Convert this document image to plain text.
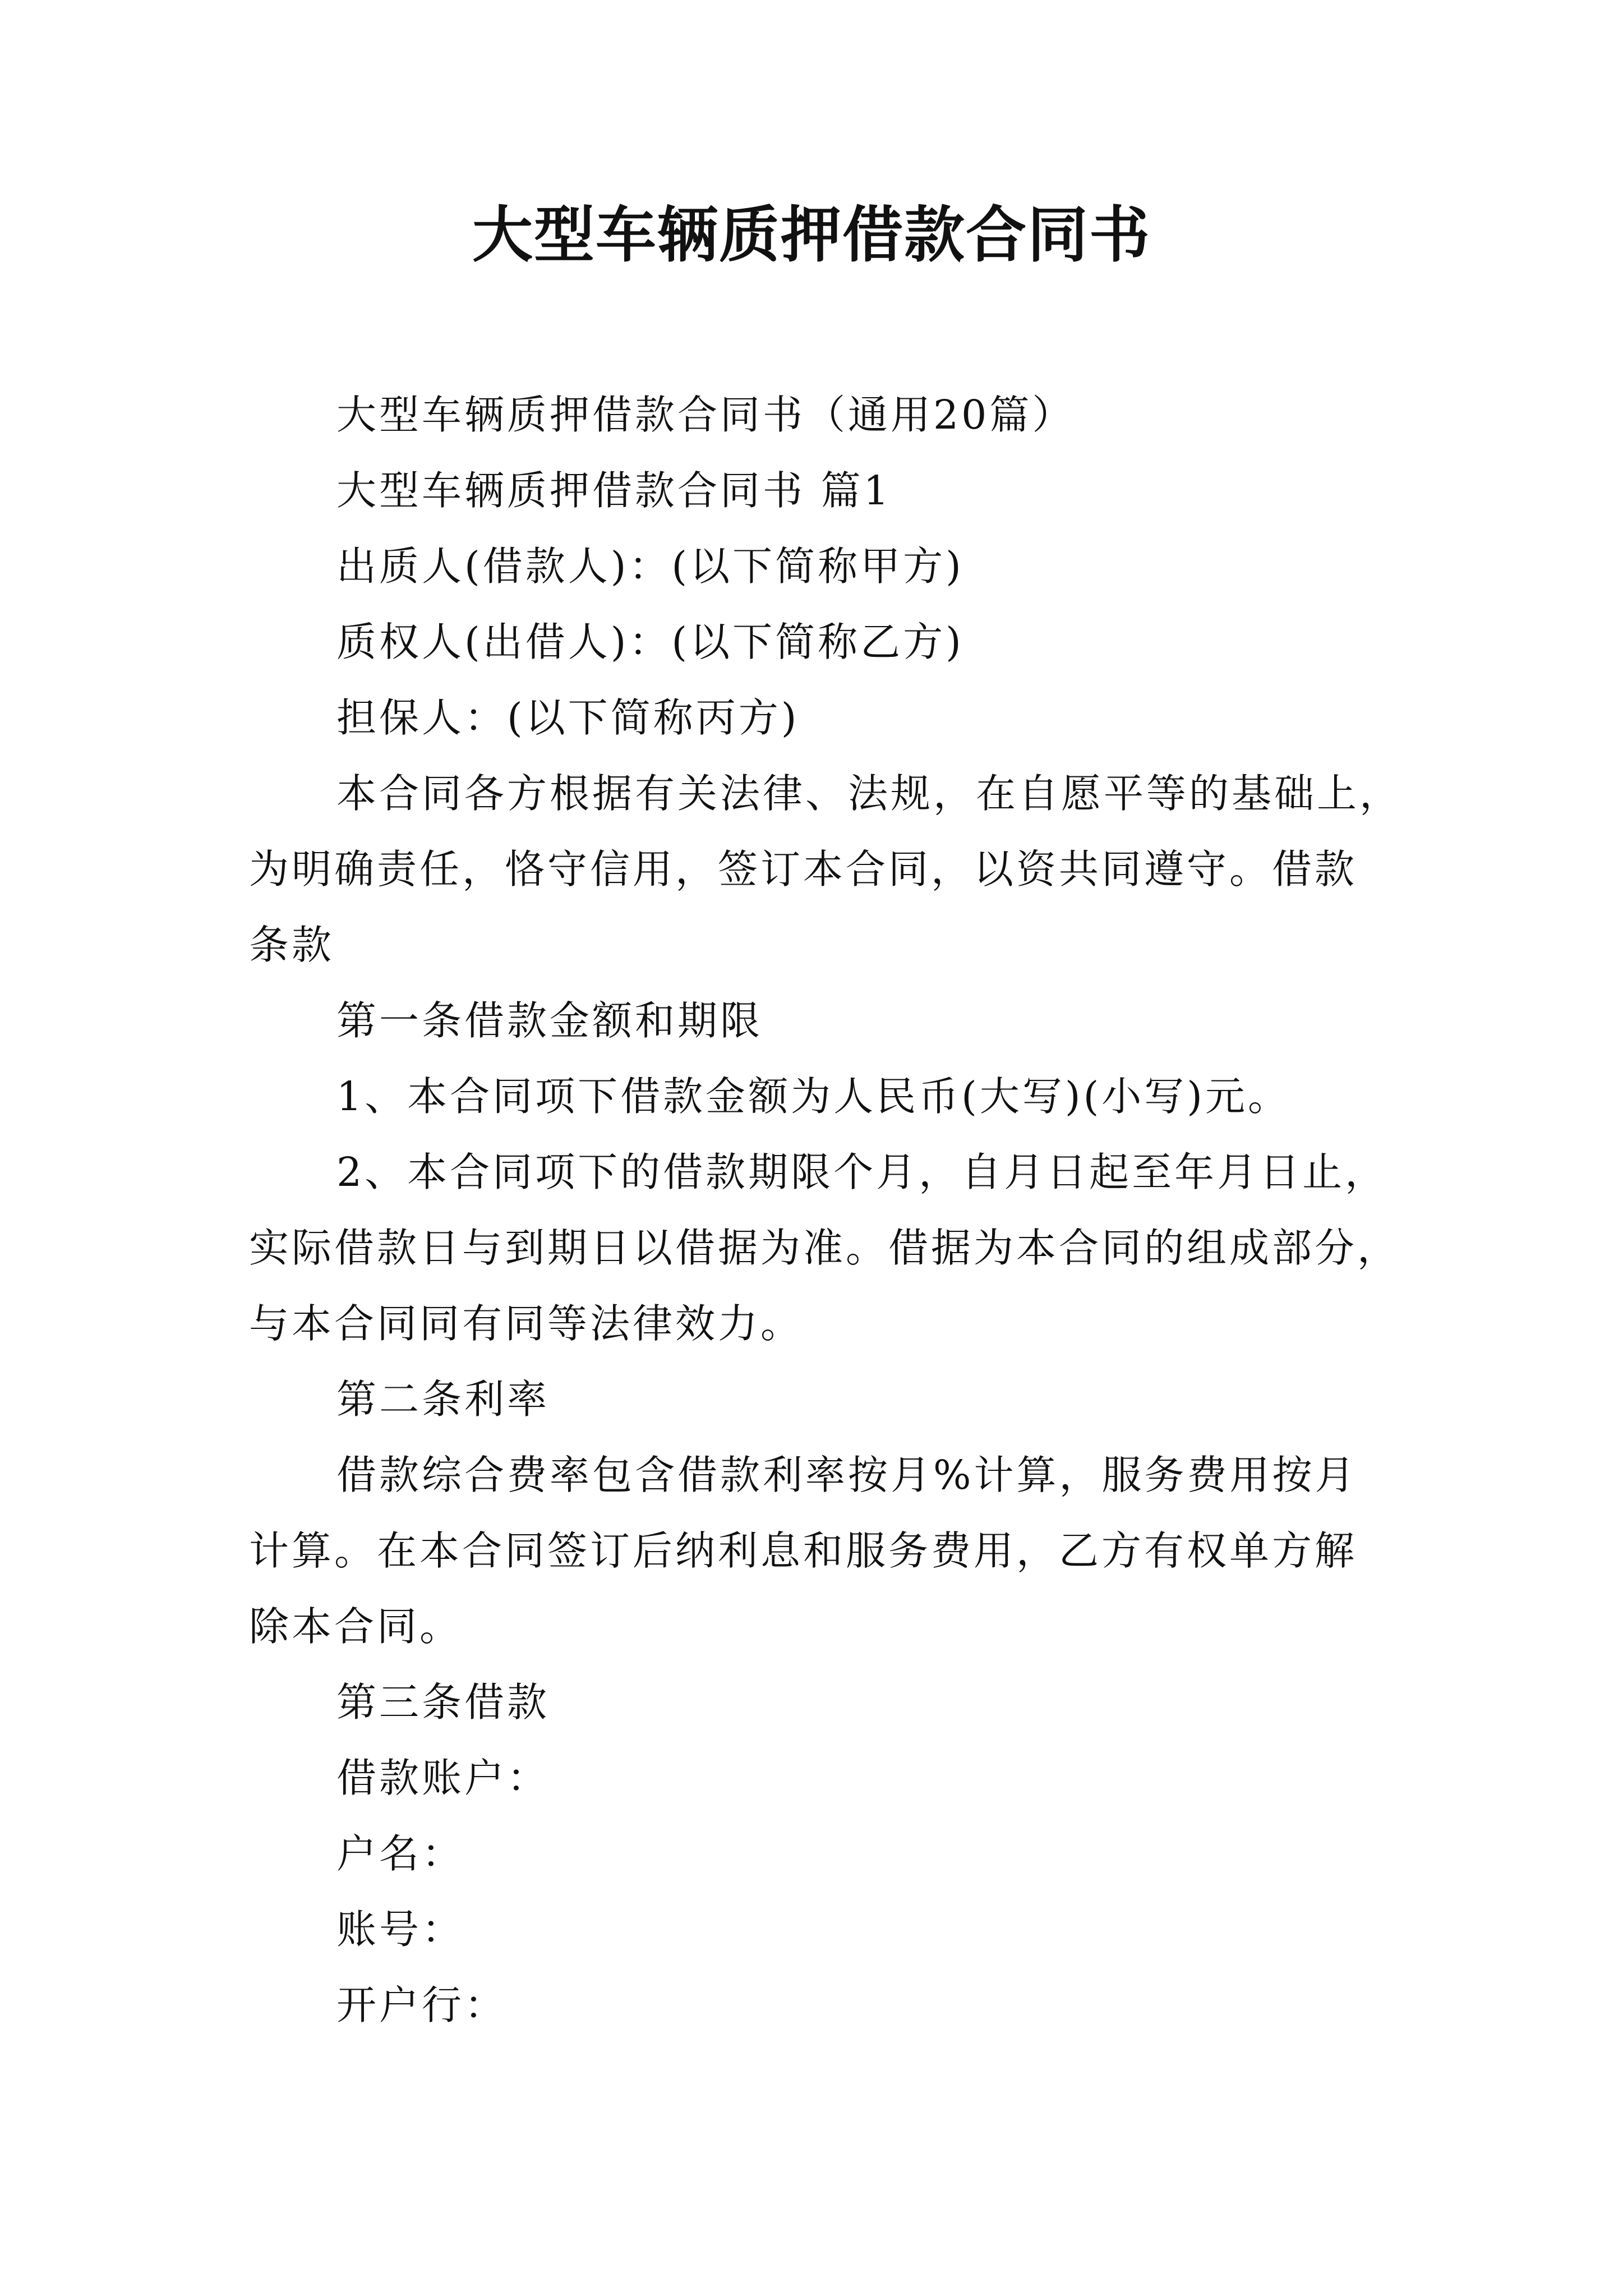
大型车辆质押借款合同书
大型车辆质押借款合同书（通用20篇）
大型车辆质押借款合同书 篇1
出质人(借款人)：(以下简称甲方)
质权人(出借人)：(以下简称乙方)
担保人：(以下简称丙方)
本合同各方根据有关法律、法规，在自愿平等的基础上，
为明确责任，恪守信用，签订本合同，以资共同遵守。借款
条款
第一条借款金额和期限
1、本合同项下借款金额为人民币(大写)(小写)元。
2、本合同项下的借款期限个月，自月日起至年月日止，
实际借款日与到期日以借据为准。借据为本合同的组成部分，
与本合同同有同等法律效力。
第二条利率
借款综合费率包含借款利率按月%计算，服务费用按月
计算。在本合同签订后纳利息和服务费用，乙方有权单方解
除本合同。
第三条借款
借款账户：
户名：
账号：
开户行：
